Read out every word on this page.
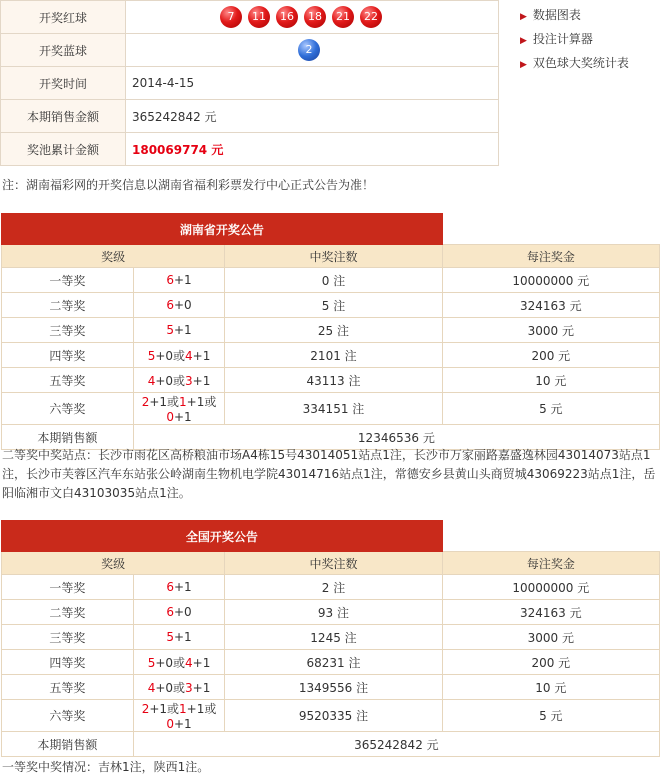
开奖红球	7 11 16 18 21 22
开奖蓝球	2
开奖时间	2014-4-15
本期销售金额	365242842 元
奖池累计金额	180069774 元
▶ 数据图表
▶ 投注计算器
▶ 双色球大奖统计表
注：湖南福彩网的开奖信息以湖南省福利彩票发行中心正式公告为准！
湖南省开奖公告			
奖级		中奖注数	每注奖金
一等奖	6+1	0 注	10000000 元
二等奖	6+0	5 注	324163 元
三等奖	5+1	25 注	3000 元
四等奖	5+0或4+1	2101 注	200 元
五等奖	4+0或3+1	43113 注	10 元
六等奖	2+1或1+1或0+1	334151 注	5 元
本期销售额	12346536 元		
二等奖中奖站点：长沙市雨花区高桥粮油市场A4栋15号43014051站点1注，长沙市万家丽路嘉盛逸林园43014073站点1注，长沙市芙蓉区汽车东站张公岭湖南生物机电学院43014716站点1注，常德安乡县黄山头商贸城43069223站点1注，岳阳临湘市文白43103035站点1注。
全国开奖公告			
奖级		中奖注数	每注奖金
一等奖	6+1	2 注	10000000 元
二等奖	6+0	93 注	324163 元
三等奖	5+1	1245 注	3000 元
四等奖	5+0或4+1	68231 注	200 元
五等奖	4+0或3+1	1349556 注	10 元
六等奖	2+1或1+1或0+1	9520335 注	5 元
本期销售额	365242842 元		
一等奖中奖情况：吉林1注，陕西1注。
